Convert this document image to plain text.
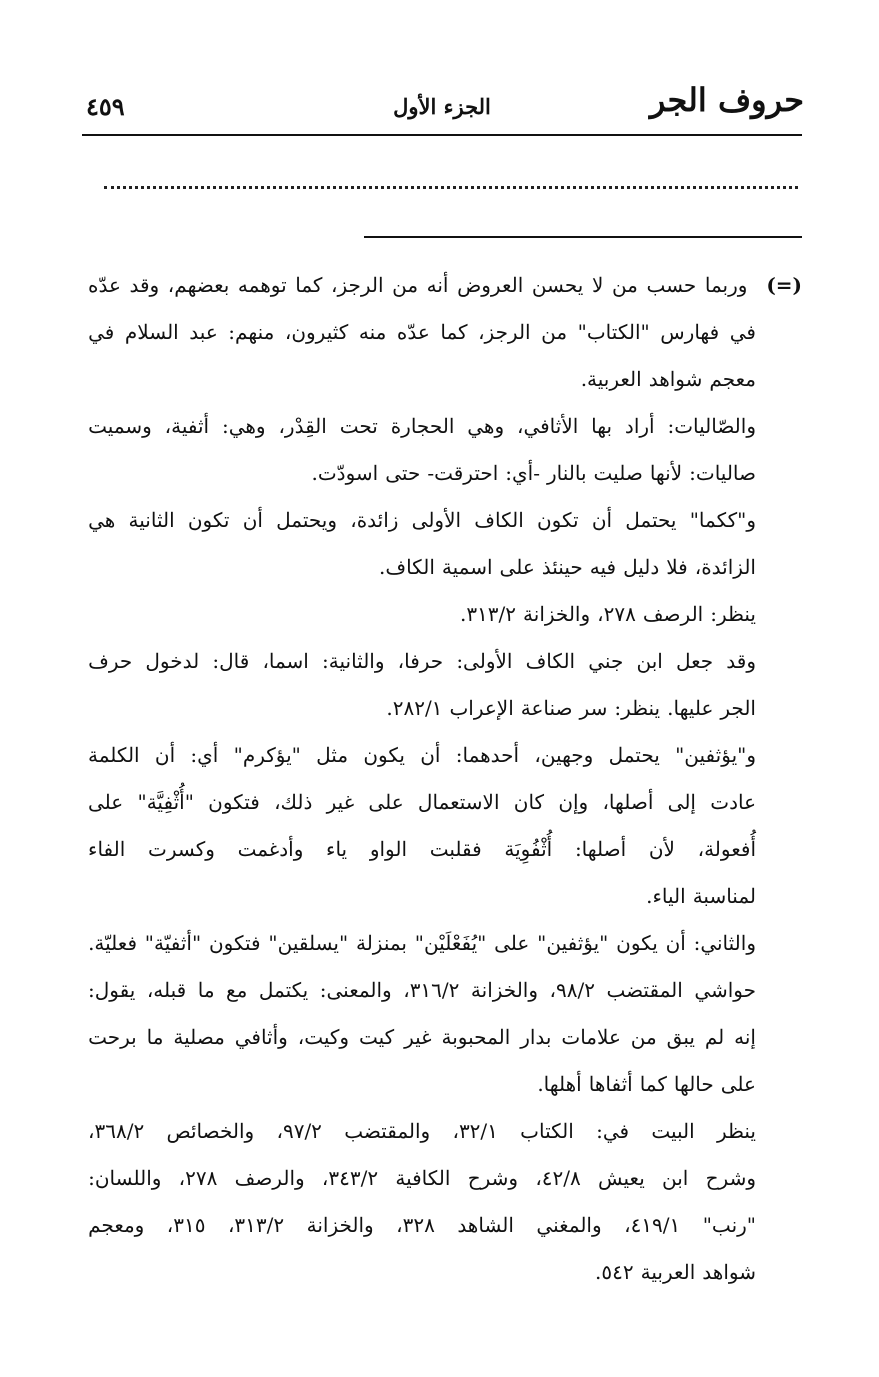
حروف الجر
الجزء الأول
٤٥٩
(=)
وربما
حسب
من
لا
يحسن
العروض
أنه
من
الرجز،
كما
توهمه
بعضهم،
وقد
عدّه
في
فهارس
"الكتاب"
من
الرجز،
كما
عدّه
منه
كثيرون،
منهم:
عبد
السلام
في
معجم
شواهد
العربية.
والصّاليات:
أراد
بها
الأثافي،
وهي
الحجارة
تحت
القِدْر،
وهي:
أثفية،
وسميت
صاليات:
لأنها
صليت
بالنار
-أي:
احترقت-
حتى
اسودّت.
و"ككما"
يحتمل
أن
تكون
الكاف
الأولى
زائدة،
ويحتمل
أن
تكون
الثانية
هي
الزائدة،
فلا
دليل
فيه
حينئذ
على
اسمية
الكاف.
ينظر:
الرصف
٢٧٨،
والخزانة
٣١٣/٢.
وقد
جعل
ابن
جني
الكاف
الأولى:
حرفا،
والثانية:
اسما،
قال:
لدخول
حرف
الجر
عليها.
ينظر:
سر
صناعة
الإعراب
٢٨٢/١.
و"يؤثفين"
يحتمل
وجهين،
أحدهما:
أن
يكون
مثل
"يؤكرم"
أي:
أن
الكلمة
عادت
إلى
أصلها،
وإن
كان
الاستعمال
على
غير
ذلك،
فتكون
"أُثْفِيَّة"
على
أُفعولة،
لأن
أصلها:
أُثْفُوِيَة
فقلبت
الواو
ياء
وأدغمت
وكسرت
الفاء
لمناسبة
الياء.
والثاني:
أن
يكون
"يؤثفين"
على
"يُفَعْلَيْن"
بمنزلة
"يسلقين"
فتكون
"أثفيّة"
فعليّة.
حواشي
المقتضب
٩٨/٢،
والخزانة
٣١٦/٢،
والمعنى:
يكتمل
مع
ما
قبله،
يقول:
إنه
لم
يبق
من
علامات
بدار
المحبوبة
غير
كيت
وكيت،
وأثافي
مصلية
ما
برحت
على
حالها
كما
أثفاها
أهلها.
ينظر
البيت
في:
الكتاب
٣٢/١،
والمقتضب
٩٧/٢،
والخصائص
٣٦٨/٢،
وشرح
ابن
يعيش
٤٢/٨،
وشرح
الكافية
٣٤٣/٢،
والرصف
٢٧٨،
واللسان:
"رنب"
٤١٩/١،
والمغني
الشاهد
٣٢٨،
والخزانة
٣١٣/٢،
٣١٥،
ومعجم
شواهد
العربية
٥٤٢.
